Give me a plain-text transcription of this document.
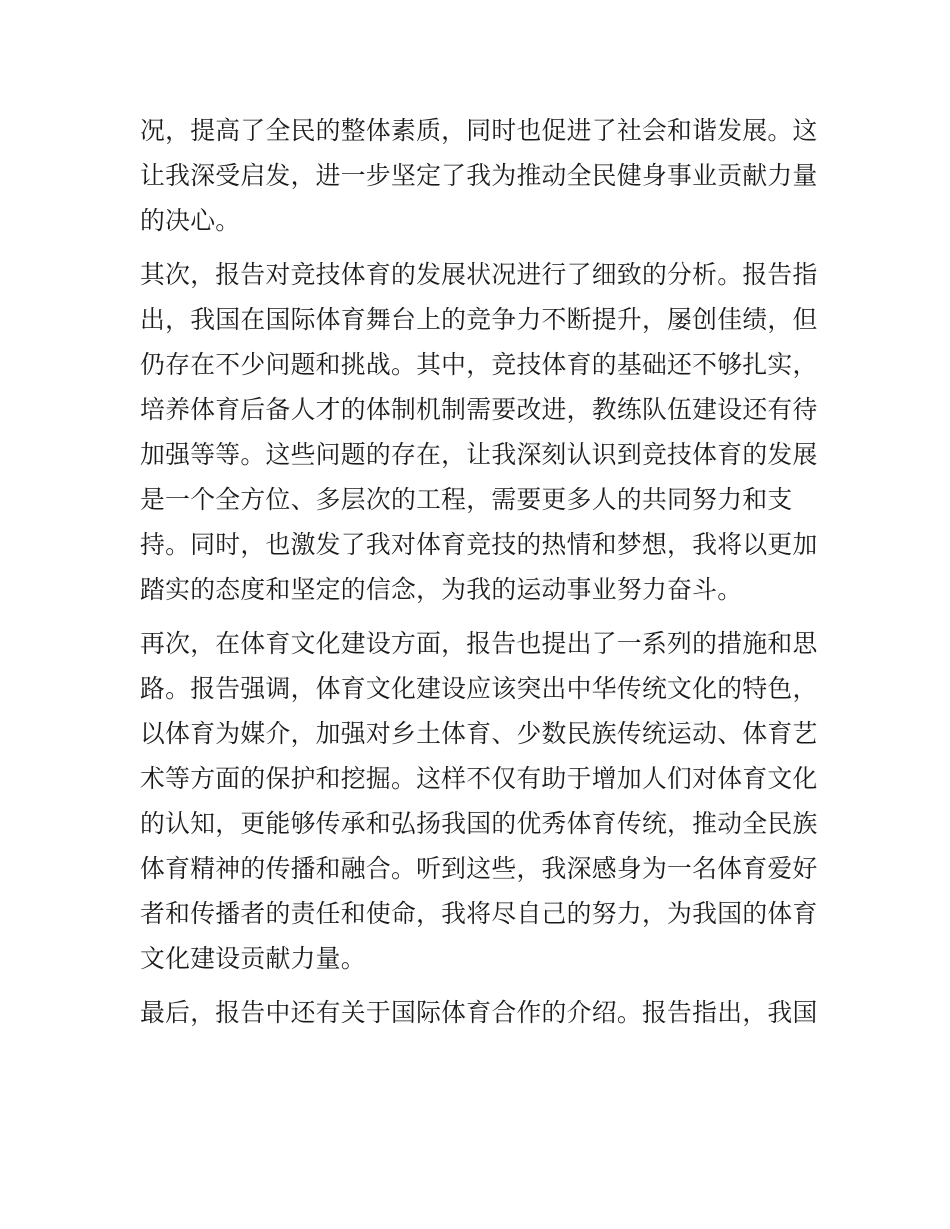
况，提高了全民的整体素质，同时也促进了社会和谐发展。这
让我深受启发，进一步坚定了我为推动全民健身事业贡献力量
的决心。
其次，报告对竞技体育的发展状况进行了细致的分析。报告指
出，我国在国际体育舞台上的竞争力不断提升，屡创佳绩，但
仍存在不少问题和挑战。其中，竞技体育的基础还不够扎实，
培养体育后备人才的体制机制需要改进，教练队伍建设还有待
加强等等。这些问题的存在，让我深刻认识到竞技体育的发展
是一个全方位、多层次的工程，需要更多人的共同努力和支
持。同时，也激发了我对体育竞技的热情和梦想，我将以更加
踏实的态度和坚定的信念，为我的运动事业努力奋斗。
再次，在体育文化建设方面，报告也提出了一系列的措施和思
路。报告强调，体育文化建设应该突出中华传统文化的特色，
以体育为媒介，加强对乡土体育、少数民族传统运动、体育艺
术等方面的保护和挖掘。这样不仅有助于增加人们对体育文化
的认知，更能够传承和弘扬我国的优秀体育传统，推动全民族
体育精神的传播和融合。听到这些，我深感身为一名体育爱好
者和传播者的责任和使命，我将尽自己的努力，为我国的体育
文化建设贡献力量。
最后，报告中还有关于国际体育合作的介绍。报告指出，我国
